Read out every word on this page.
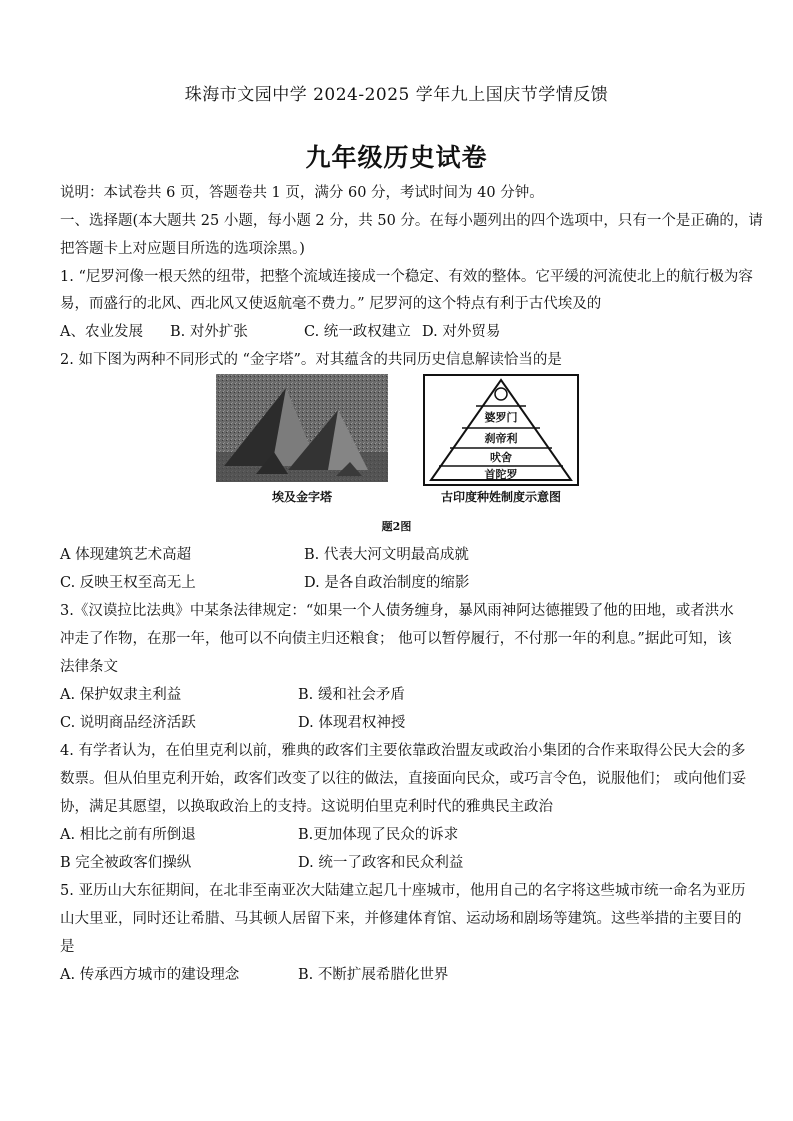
珠海市文园中学 2024-2025 学年九上国庆节学情反馈
九年级历史试卷
说明：本试卷共 6 页，答题卷共 1 页，满分 60 分，考试时间为 40 分钟。
一、选择题(本大题共 25 小题，每小题 2 分，共 50 分。在每小题列出的四个选项中，只有一个是正确的，请
把答题卡上对应题目所选的选项涂黑。)
1. “尼罗河像一根天然的纽带，把整个流域连接成一个稳定、有效的整体。它平缓的河流使北上的航行极为容
易，而盛行的北风、西北风又使返航毫不费力。” 尼罗河的这个特点有利于古代埃及的
A、农业发展 B. 对外扩张	C. 统一政权建立 D. 对外贸易
2. 如下图为两种不同形式的 “金字塔”。对其蕴含的共同历史信息解读恰当的是
婆罗门
刹帝利
吠舍
首陀罗
埃及金字塔	古印度种姓制度示意图
题2图
A 体现建筑艺术高超	B. 代表大河文明最高成就
C. 反映王权至高无上	D. 是各自政治制度的缩影
3.《汉谟拉比法典》中某条法律规定：“如果一个人债务缠身，暴风雨神阿达德摧毁了他的田地，或者洪水
冲走了作物，在那一年，他可以不向债主归还粮食； 他可以暂停履行，不付那一年的利息。”据此可知，该
法律条文
A. 保护奴隶主利益	B. 缓和社会矛盾
C. 说明商品经济活跃	D. 体现君权神授
4. 有学者认为，在伯里克利以前，雅典的政客们主要依靠政治盟友或政治小集团的合作来取得公民大会的多
数票。但从伯里克利开始，政客们改变了以往的做法，直接面向民众，或巧言令色，说服他们； 或向他们妥
协，满足其愿望，以换取政治上的支持。这说明伯里克利时代的雅典民主政治
A. 相比之前有所倒退	B.更加体现了民众的诉求
B 完全被政客们操纵	D. 统一了政客和民众利益
5. 亚历山大东征期间，在北非至南亚次大陆建立起几十座城市，他用自己的名字将这些城市统一命名为亚历
山大里亚，同时还让希腊、马其顿人居留下来，并修建体育馆、运动场和剧场等建筑。这些举措的主要目的
是
A. 传承西方城市的建设理念	B. 不断扩展希腊化世界
